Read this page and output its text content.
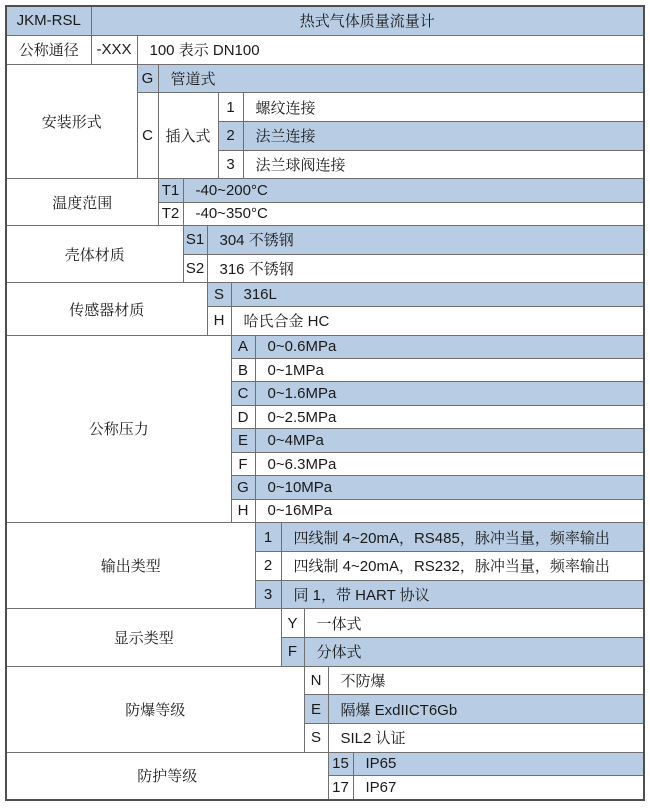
JKM-RSL	热式气体质量流量计												
公称通径	-XXX	100 表示 DN100											
安装形式		G	管道式										
		C	插入式			1		螺纹连接					
						2		法兰连接					
						3		法兰球阀连接					
温度范围			T1	-40~200°C									
			T2	-40~350°C									
壳体材质				S1	304 不锈钢								
				S2	316 不锈钢								
传感器材质					S		316L						
					H		哈氏合金 HC						
公称压力							A		0~0.6MPa				
							B		0~1MPa				
							C		0~1.6MPa				
							D		0~2.5MPa				
							E		0~4MPa				
							F		0~6.3MPa				
							G		0~10MPa				
							H		0~16MPa				
输出类型									1	四线制 4~20mA，RS485，脉冲当量，频率输出			
									2	四线制 4~20mA，RS232，脉冲当量，频率输出			
									3	同 1，带 HART 协议			
显示类型										Y	一体式		
										F	分体式		
防爆等级											N	不防爆	
											E	隔爆 ExdIICT6Gb	
											S	SIL2 认证	
防护等级												15	IP65
												17	IP67
